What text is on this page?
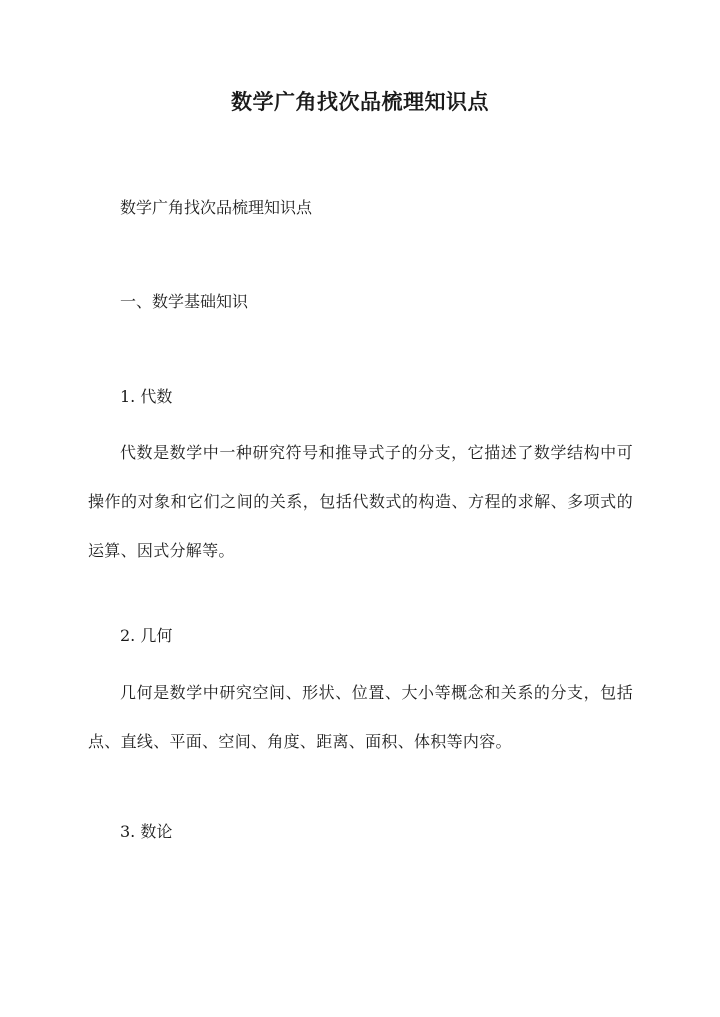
数学广角找次品梳理知识点
数学广角找次品梳理知识点
一、数学基础知识
1. 代数
代数是数学中一种研究符号和推导式子的分支，它描述了数学结构中可操作的对象和它们之间的关系，包括代数式的构造、方程的求解、多项式的运算、因式分解等。
2. 几何
几何是数学中研究空间、形状、位置、大小等概念和关系的分支，包括点、直线、平面、空间、角度、距离、面积、体积等内容。
3. 数论
